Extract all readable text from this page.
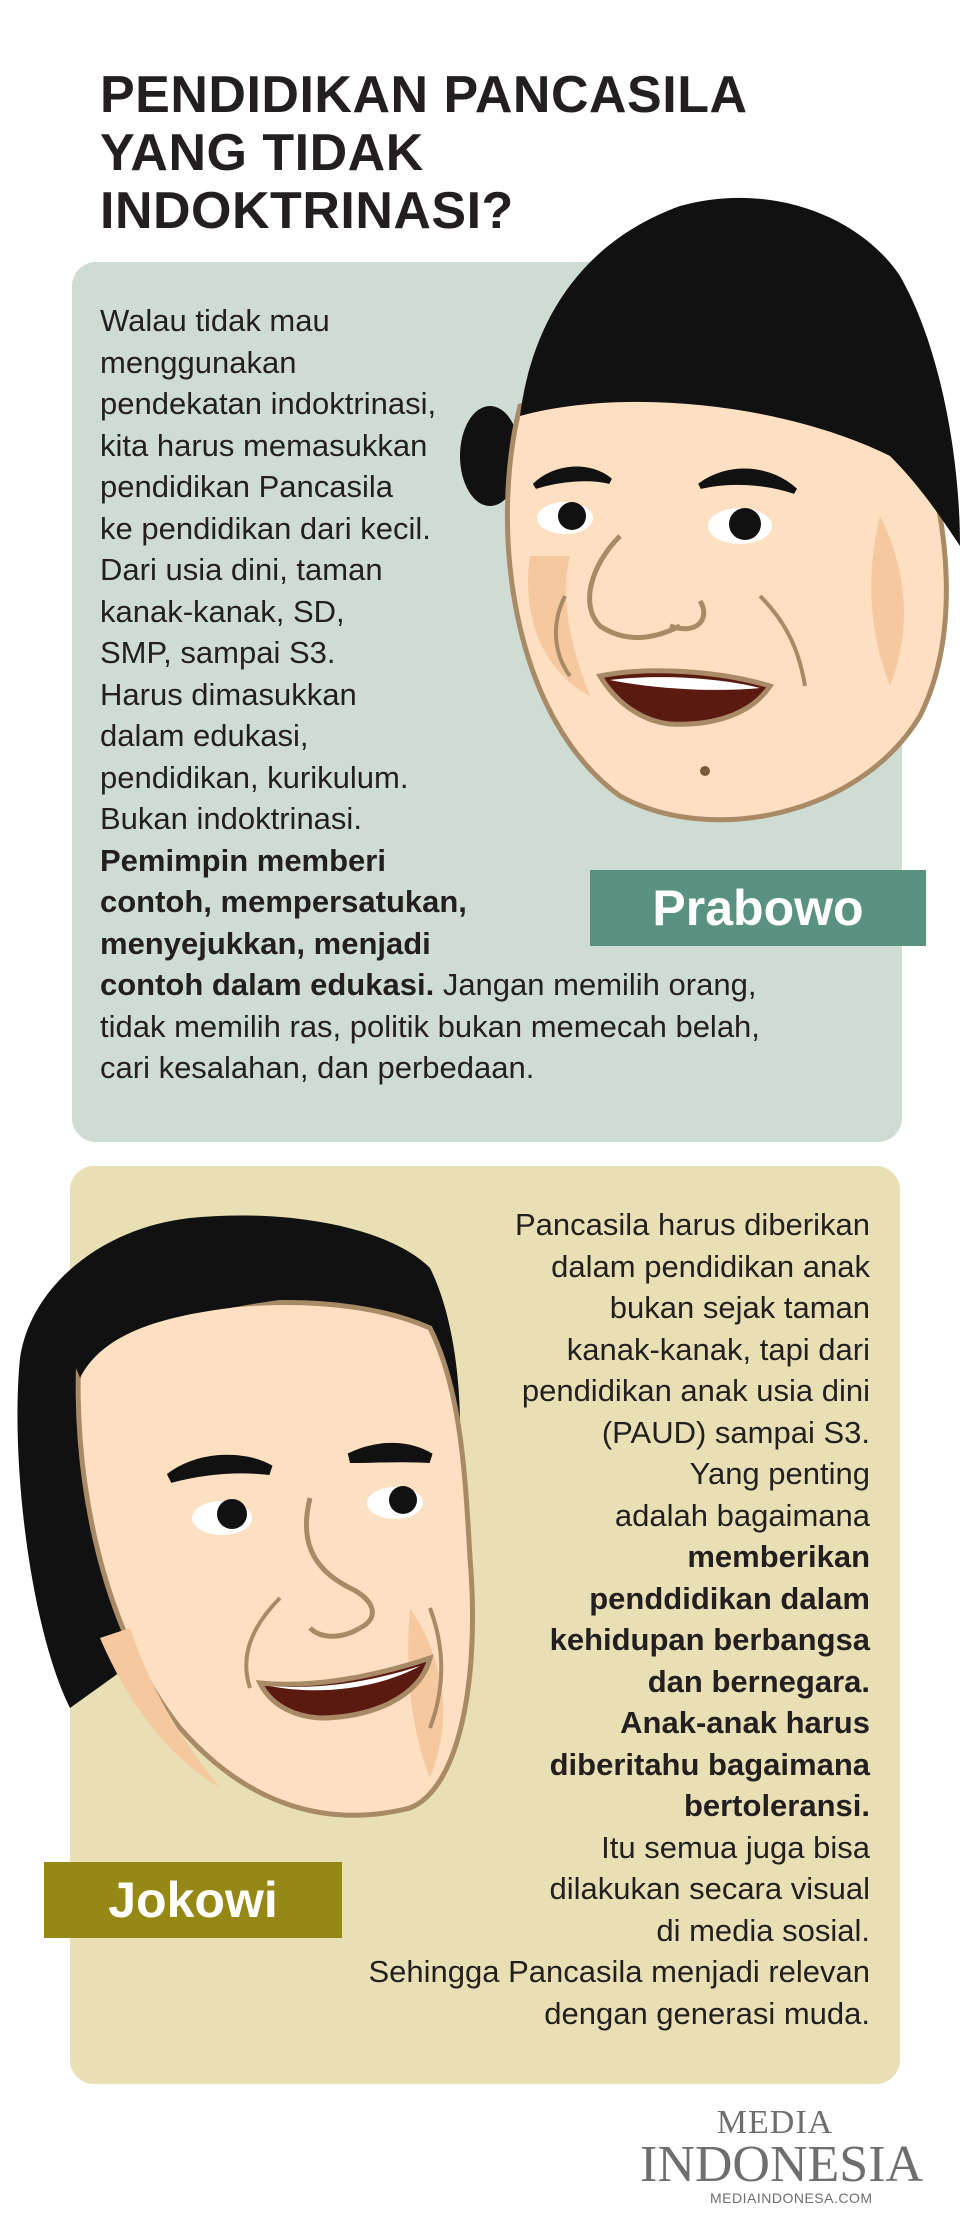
PENDIDIKAN PANCASILA
YANG TIDAK
INDOKTRINASI?
Walau tidak mau
menggunakan
pendekatan indoktrinasi,
kita harus memasukkan
pendidikan Pancasila
ke pendidikan dari kecil.
Dari usia dini, taman
kanak-kanak, SD,
SMP, sampai S3.
Harus dimasukkan
dalam edukasi,
pendidikan, kurikulum.
Bukan indoktrinasi.
Pemimpin memberi
contoh, mempersatukan,
menyejukkan, menjadi
contoh dalam edukasi. Jangan memilih orang,
tidak memilih ras, politik bukan memecah belah,
cari kesalahan, dan perbedaan.
Prabowo
Jokowi
Pancasila harus diberikan
dalam pendidikan anak
bukan sejak taman
kanak-kanak, tapi dari
pendidikan anak usia dini
(PAUD) sampai S3.
Yang penting
adalah bagaimana
memberikan
penddidikan dalam
kehidupan berbangsa
dan bernegara.
Anak-anak harus
diberitahu bagaimana
bertoleransi.
Itu semua juga bisa
dilakukan secara visual
di media sosial.
Sehingga Pancasila menjadi relevan
dengan generasi muda.
MEDIA
INDONESIA
MEDIAINDONESA.COM
